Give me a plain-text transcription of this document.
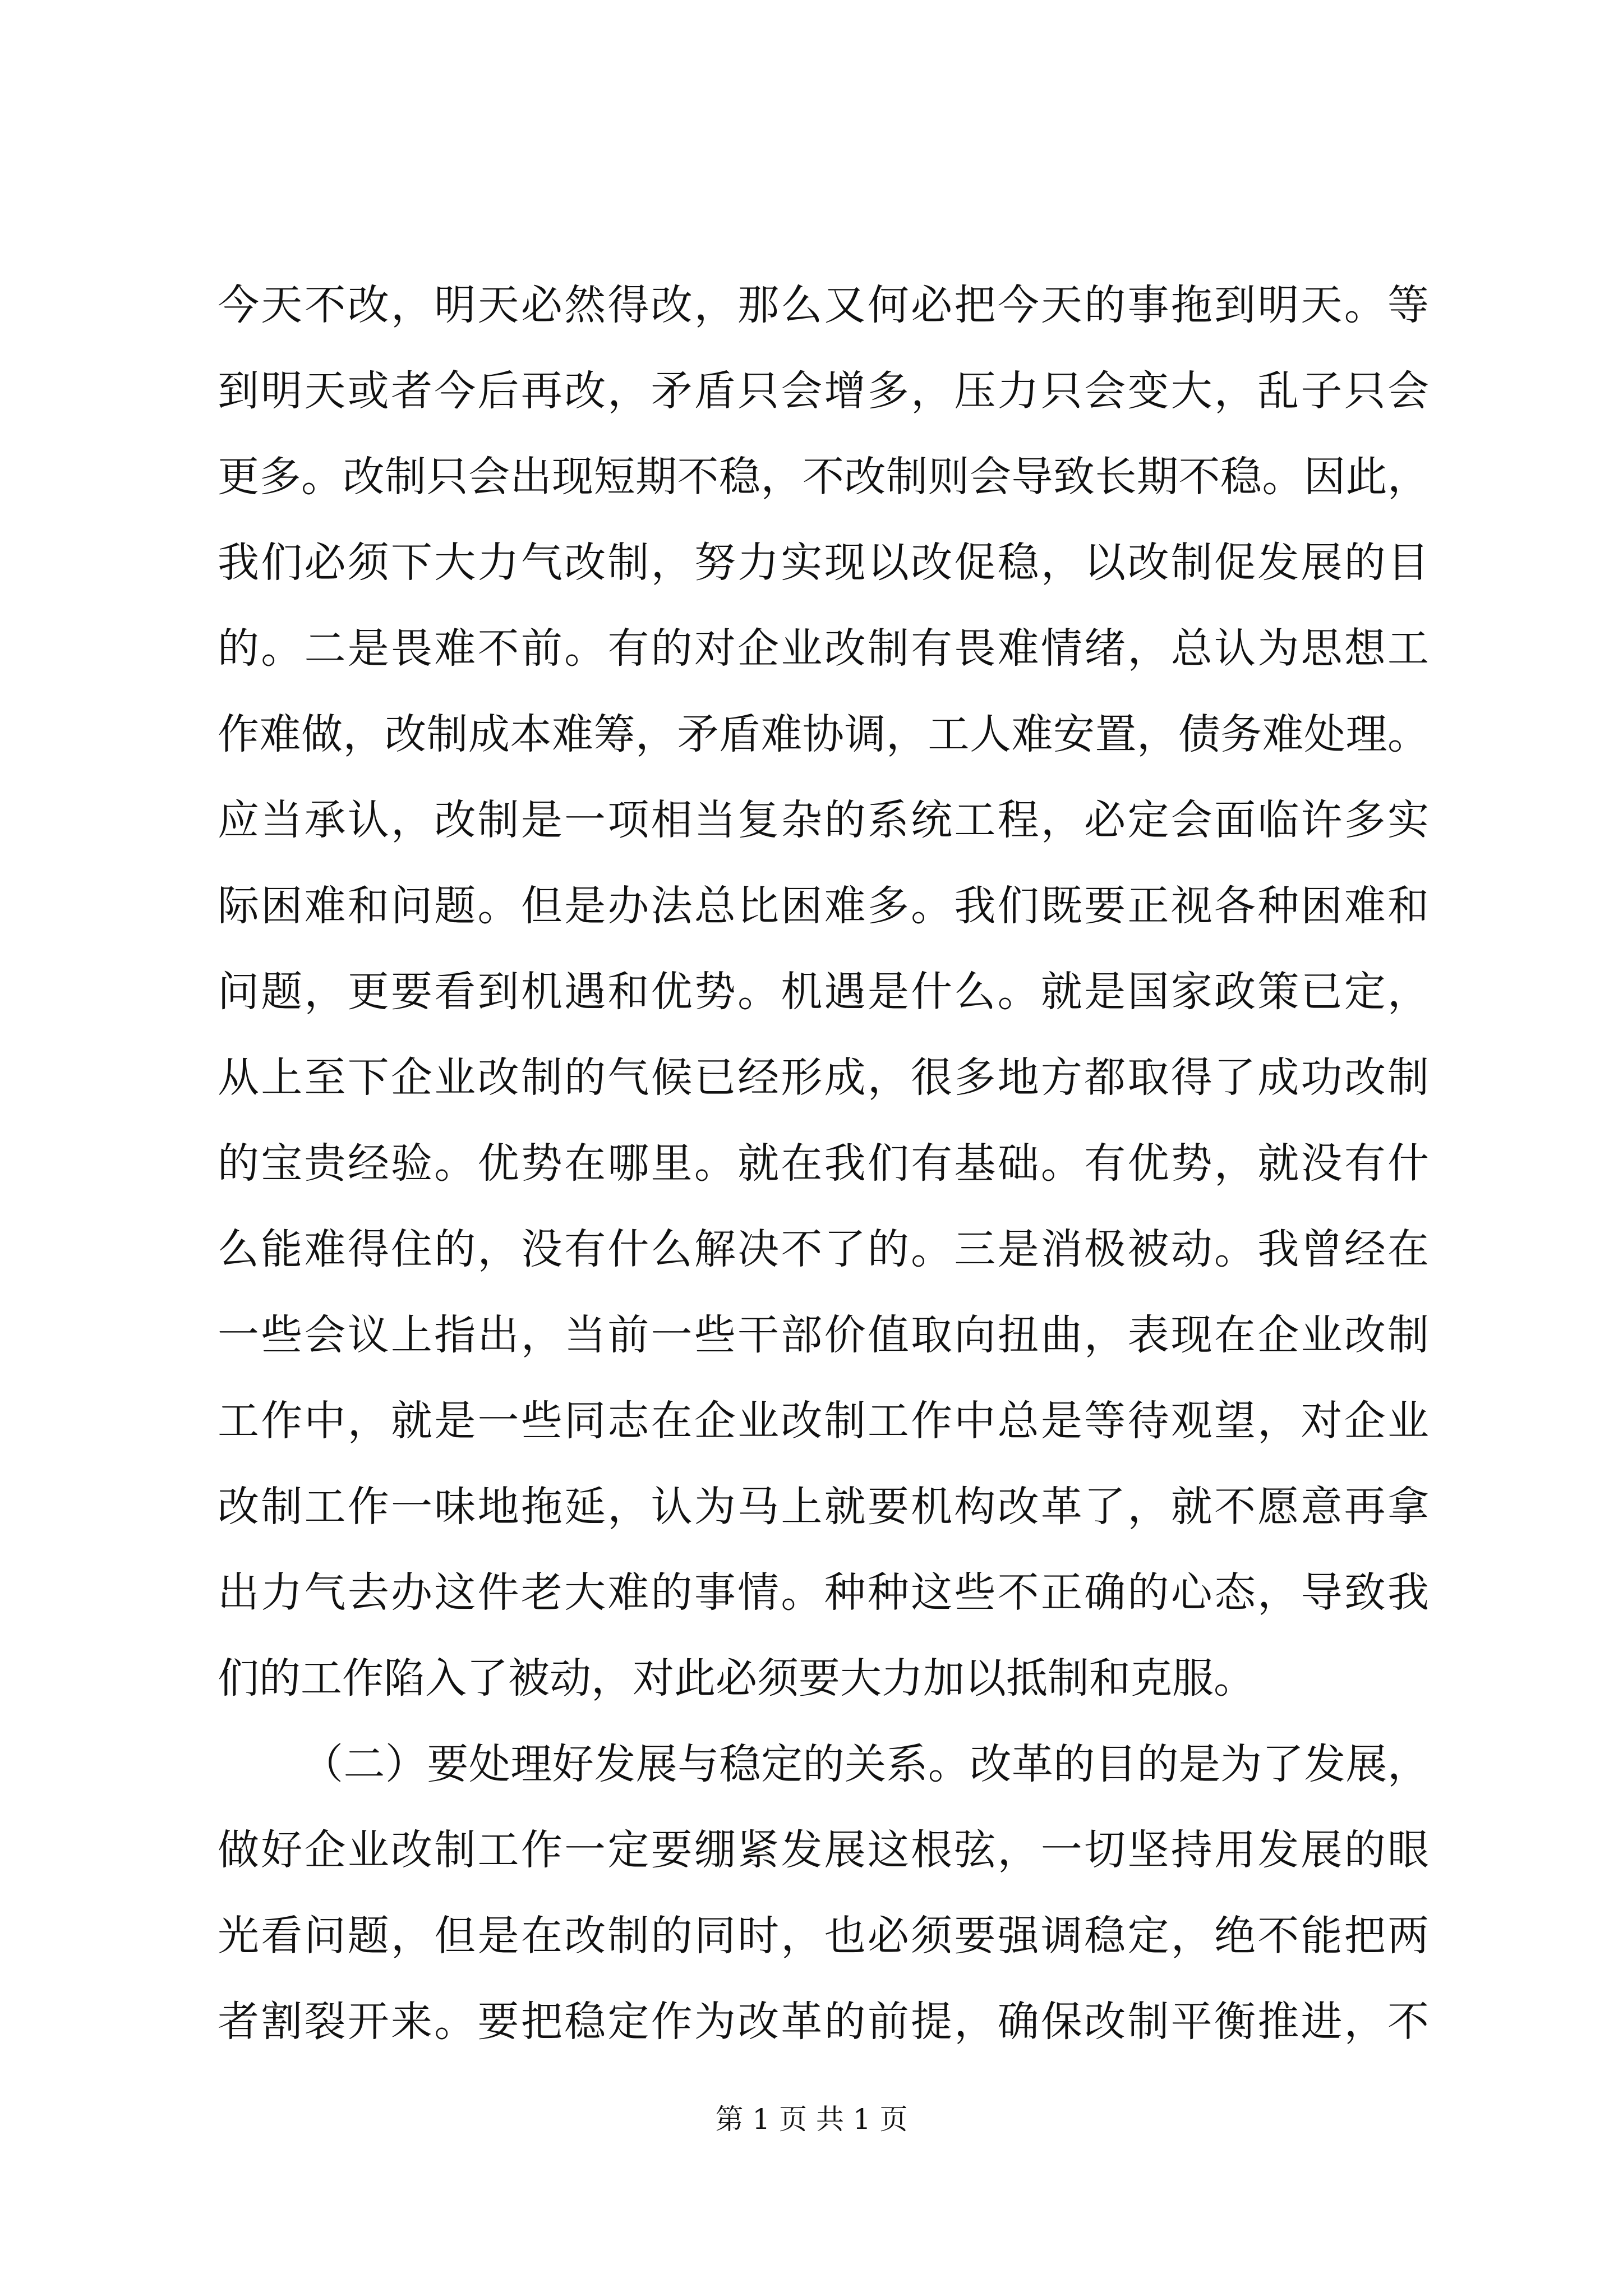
今天不改，明天必然得改，那么又何必把今天的事拖到明天。等
到明天或者今后再改，矛盾只会增多，压力只会变大，乱子只会
更多。改制只会出现短期不稳，不改制则会导致长期不稳。因此，
我们必须下大力气改制，努力实现以改促稳，以改制促发展的目
的。二是畏难不前。有的对企业改制有畏难情绪，总认为思想工
作难做，改制成本难筹，矛盾难协调，工人难安置，债务难处理。
应当承认，改制是一项相当复杂的系统工程，必定会面临许多实
际困难和问题。但是办法总比困难多。我们既要正视各种困难和
问题，更要看到机遇和优势。机遇是什么。就是国家政策已定，
从上至下企业改制的气候已经形成，很多地方都取得了成功改制
的宝贵经验。优势在哪里。就在我们有基础。有优势，就没有什
么能难得住的，没有什么解决不了的。三是消极被动。我曾经在
一些会议上指出，当前一些干部价值取向扭曲，表现在企业改制
工作中，就是一些同志在企业改制工作中总是等待观望，对企业
改制工作一味地拖延，认为马上就要机构改革了，就不愿意再拿
出力气去办这件老大难的事情。种种这些不正确的心态，导致我
们的工作陷入了被动，对此必须要大力加以抵制和克服。
（二）要处理好发展与稳定的关系。改革的目的是为了发展，
做好企业改制工作一定要绷紧发展这根弦，一切坚持用发展的眼
光看问题，但是在改制的同时，也必须要强调稳定，绝不能把两
者割裂开来。要把稳定作为改革的前提，确保改制平衡推进，不
第 1 页 共 1 页
